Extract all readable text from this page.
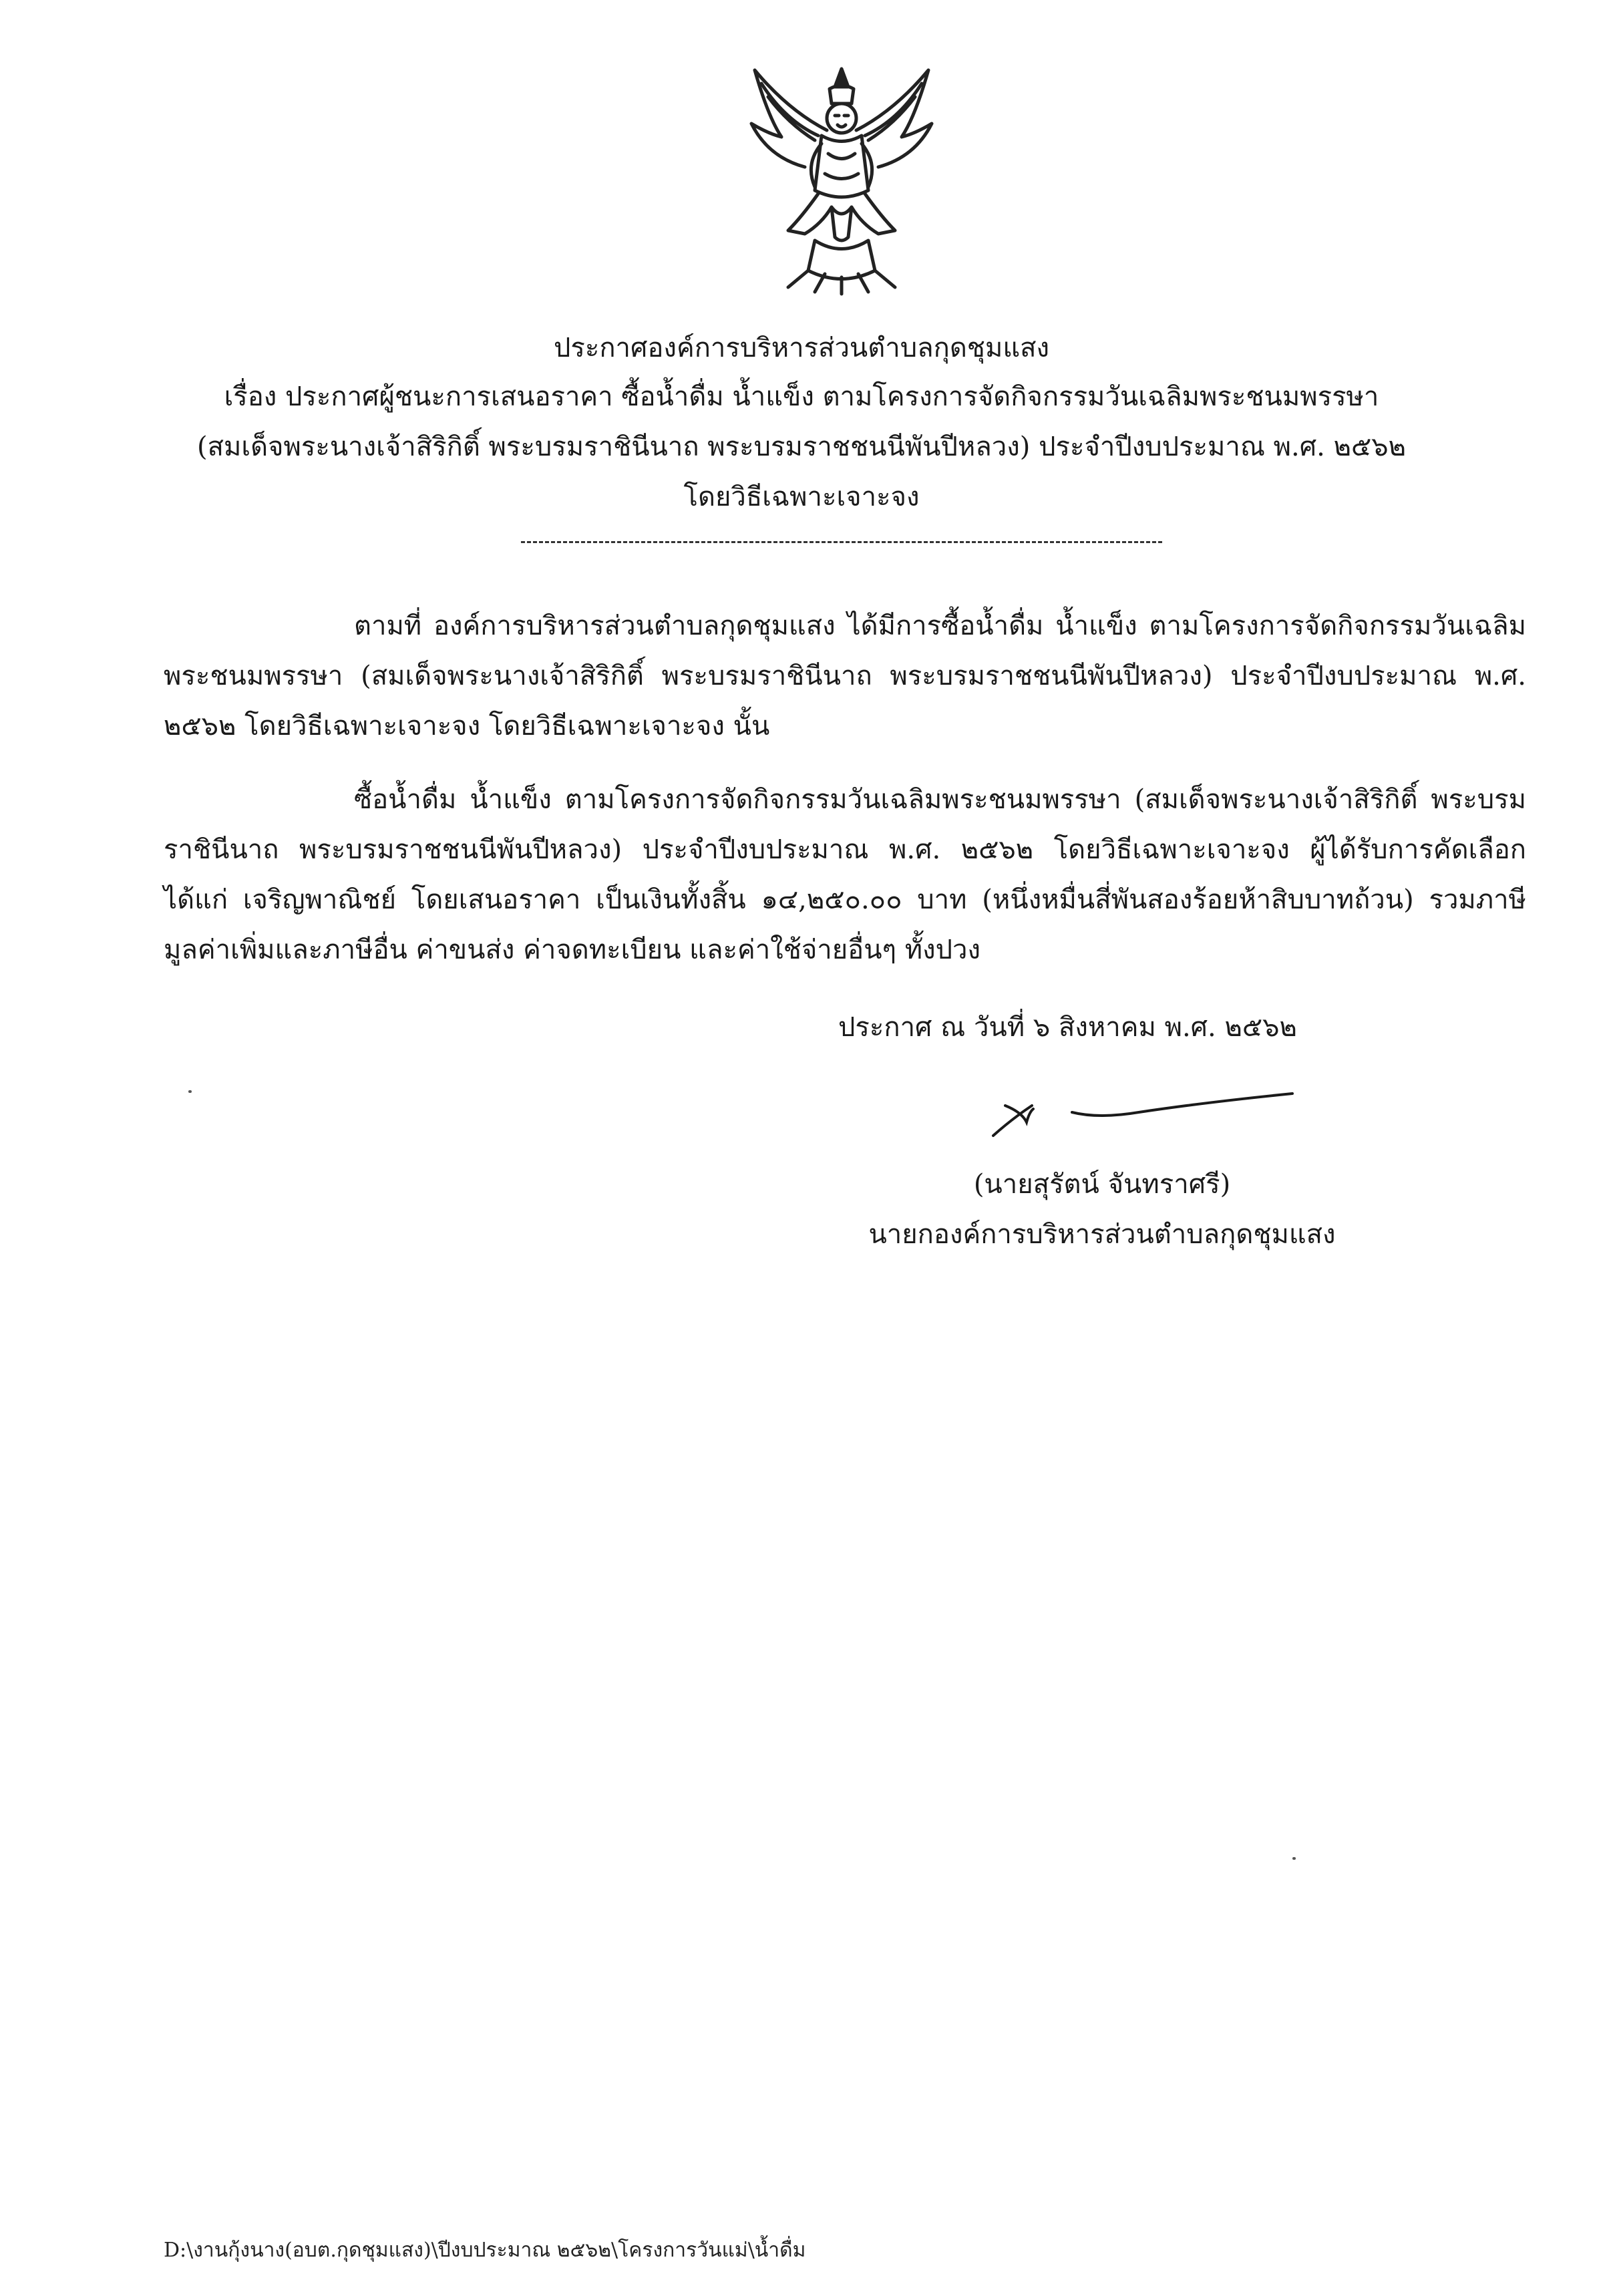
ประกาศองค์การบริหารส่วนตำบลกุดชุมแสง
เรื่อง ประกาศผู้ชนะการเสนอราคา ซื้อน้ำดื่ม น้ำแข็ง ตามโครงการจัดกิจกรรมวันเฉลิมพระชนมพรรษา
(สมเด็จพระนางเจ้าสิริกิติ์ พระบรมราชินีนาถ พระบรมราชชนนีพันปีหลวง) ประจำปีงบประมาณ พ.ศ. ๒๕๖๒
โดยวิธีเฉพาะเจาะจง
ตามที่ องค์การบริหารส่วนตำบลกุดชุมแสง ได้มีการซื้อน้ำดื่ม น้ำแข็ง ตามโครงการจัดกิจกรรมวันเฉลิมพระชนมพรรษา (สมเด็จพระนางเจ้าสิริกิติ์ พระบรมราชินีนาถ พระบรมราชชนนีพันปีหลวง) ประจำปีงบประมาณ พ.ศ. ๒๕๖๒ โดยวิธีเฉพาะเจาะจง โดยวิธีเฉพาะเจาะจง นั้น
ซื้อน้ำดื่ม น้ำแข็ง ตามโครงการจัดกิจกรรมวันเฉลิมพระชนมพรรษา (สมเด็จพระนางเจ้าสิริกิติ์ พระบรมราชินีนาถ พระบรมราชชนนีพันปีหลวง) ประจำปีงบประมาณ พ.ศ. ๒๕๖๒ โดยวิธีเฉพาะเจาะจง ผู้ได้รับการคัดเลือก ได้แก่ เจริญพาณิชย์ โดยเสนอราคา เป็นเงินทั้งสิ้น ๑๔,๒๕๐.๐๐ บาท (หนึ่งหมื่นสี่พันสองร้อยห้าสิบบาทถ้วน) รวมภาษีมูลค่าเพิ่มและภาษีอื่น ค่าขนส่ง ค่าจดทะเบียน และค่าใช้จ่ายอื่นๆ ทั้งปวง
ประกาศ ณ วันที่ ๖ สิงหาคม พ.ศ. ๒๕๖๒
(นายสุรัตน์ จันทราศรี)
นายกองค์การบริหารส่วนตำบลกุดชุมแสง
D:\งานกุ้งนาง(อบต.กุดชุมแสง)\ปีงบประมาณ ๒๕๖๒\โครงการวันแม่\น้ำดื่ม
